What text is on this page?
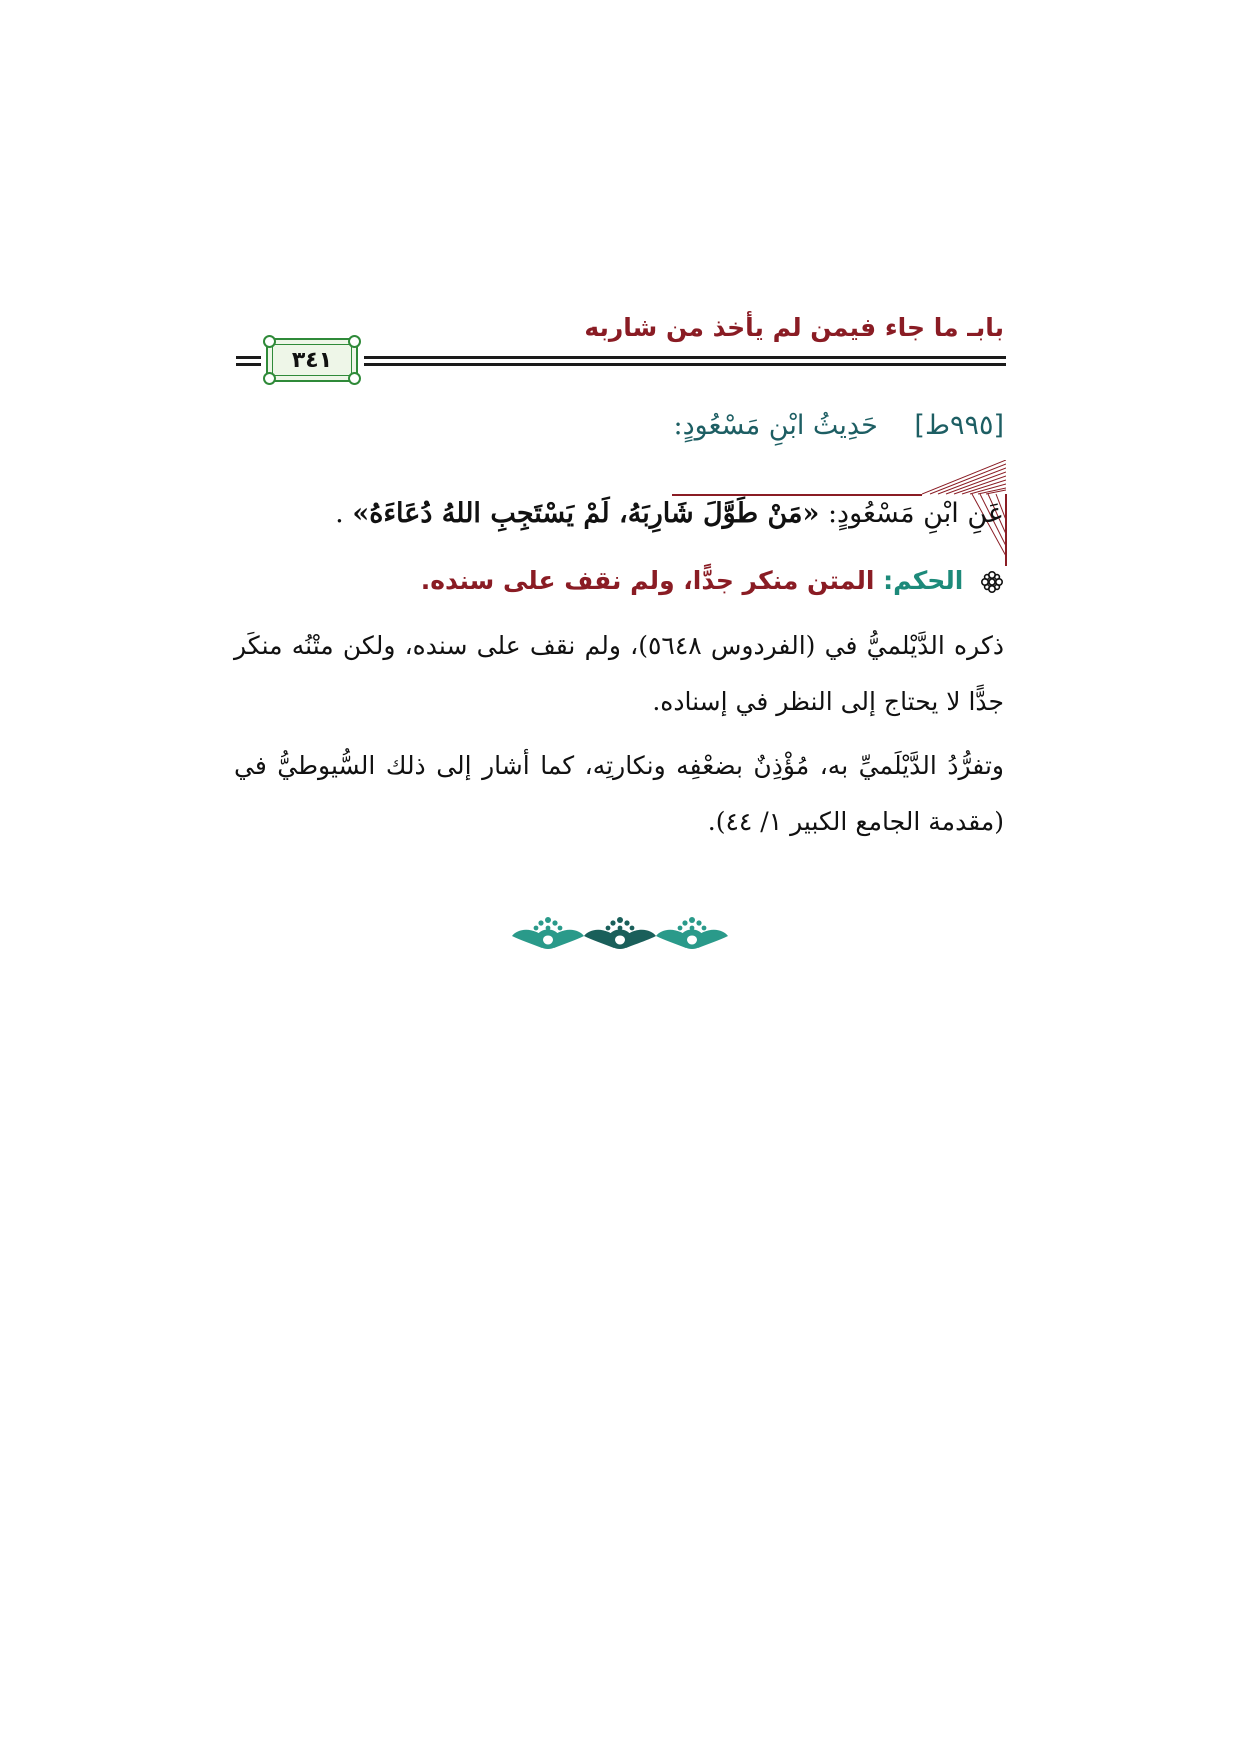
بابـ ما جاء فيمن لم يأخذ من شاربه
٣٤١
[٩٩٥ط] حَدِيثُ ابْنِ مَسْعُودٍ:
عَنِ ابْنِ مَسْعُودٍ: «مَنْ طَوَّلَ شَارِبَهُ، لَمْ يَسْتَجِبِ اللهُ دُعَاءَهُ» .
الحكم: المتن منكر جدًّا، ولم نقف على سنده.
ذكره الدَّيْلميُّ في (الفردوس ٥٦٤٨)، ولم نقف على سنده، ولكن متْنُه منكَر جدًّا لا يحتاج إلى النظر في إسناده.
وتفرُّدُ الدَّيْلَميِّ به، مُؤْذِنٌ بضعْفِه ونكارتِه، كما أشار إلى ذلك السُّيوطيُّ في (مقدمة الجامع الكبير ١/ ٤٤).
